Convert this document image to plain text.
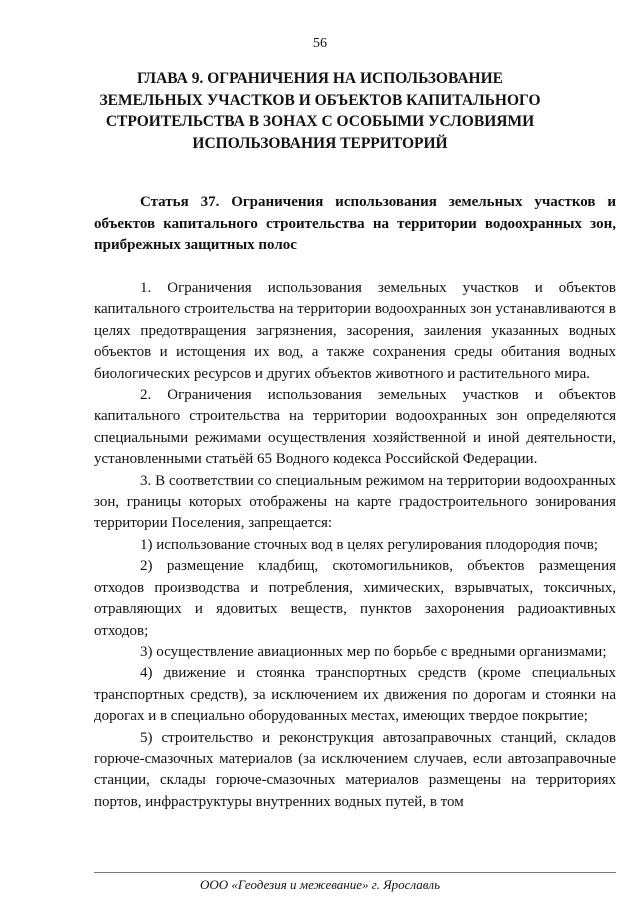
56
ГЛАВА 9. ОГРАНИЧЕНИЯ НА ИСПОЛЬЗОВАНИЕ ЗЕМЕЛЬНЫХ УЧАСТКОВ И ОБЪЕКТОВ КАПИТАЛЬНОГО СТРОИТЕЛЬСТВА В ЗОНАХ С ОСОБЫМИ УСЛОВИЯМИ ИСПОЛЬЗОВАНИЯ ТЕРРИТОРИЙ
Статья 37. Ограничения использования земельных участков и объектов капитального строительства на территории водоохранных зон, прибрежных защитных полос

1. Ограничения использования земельных участков и объектов капитального строительства на территории водоохранных зон устанавливаются в целях предотвращения загрязнения, засорения, заиления указанных водных объектов и истощения их вод, а также сохранения среды обитания водных биологических ресурсов и других объектов животного и растительного мира.

2. Ограничения использования земельных участков и объектов капитального строительства на территории водоохранных зон определяются специальными режимами осуществления хозяйственной и иной деятельности, установленными статьёй 65 Водного кодекса Российской Федерации.

3. В соответствии со специальным режимом на территории водоохранных зон, границы которых отображены на карте градостроительного зонирования территории Поселения, запрещается:

1) использование сточных вод в целях регулирования плодородия почв;

2) размещение кладбищ, скотомогильников, объектов размещения отходов производства и потребления, химических, взрывчатых, токсичных, отравляющих и ядовитых веществ, пунктов захоронения радиоактивных отходов;

3) осуществление авиационных мер по борьбе с вредными организмами;

4) движение и стоянка транспортных средств (кроме специальных транспортных средств), за исключением их движения по дорогам и стоянки на дорогах и в специально оборудованных местах, имеющих твердое покрытие;

5) строительство и реконструкция автозаправочных станций, складов горюче-смазочных материалов (за исключением случаев, если автозаправочные станции, склады горюче-смазочных материалов размещены на территориях портов, инфраструктуры внутренних водных путей, в том

ООО «Геодезия и межевание» г. Ярославль
